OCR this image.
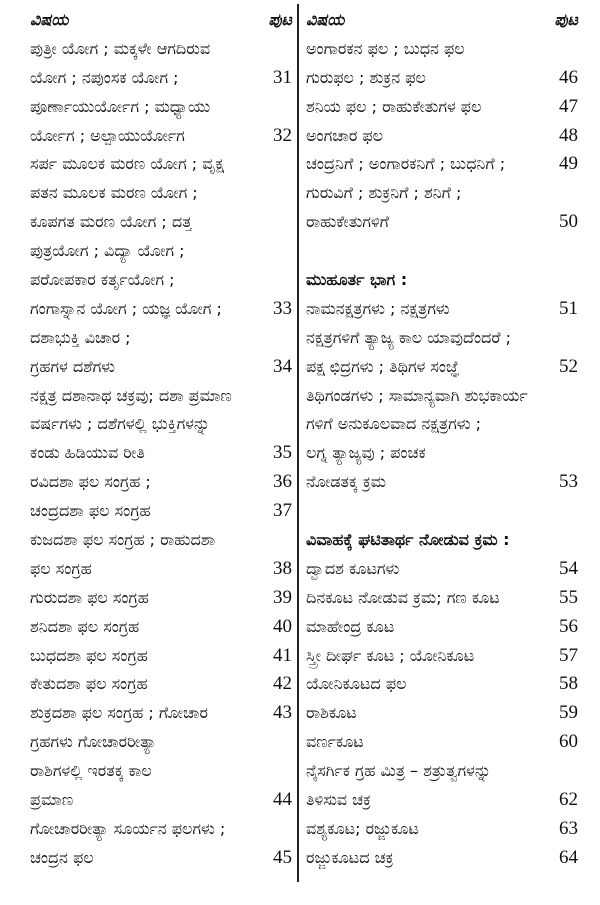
ವಿಷಯ	ಪುಟ
ಪುತ್ರೀ ಯೋಗ ; ಮಕ್ಕಳೇ ಆಗದಿರುವ
ಯೋಗ ; ನಪುಂಸಕ ಯೋಗ ;	31
ಪೂರ್ಣಾಯುರ್ಯೋಗ ; ಮಧ್ಯಾಯು
ರ್ಯೋಗ ; ಅಲ್ಪಾಯುರ್ಯೋಗ	32
ಸರ್ಪ ಮೂಲಕ ಮರಣ ಯೋಗ ; ವೃಕ್ಷ
ಪತನ ಮೂಲಕ ಮರಣ ಯೋಗ ;
ಕೂಪಗತ ಮರಣ ಯೋಗ ; ದತ್ತ
ಪುತ್ರಯೋಗ ; ವಿದ್ಯಾ ಯೋಗ ;
ಪರೋಪಕಾರ ಕರ್ತೃಯೋಗ ;
ಗಂಗಾಸ್ನಾನ ಯೋಗ ; ಯಜ್ಞ ಯೋಗ ;	33
ದಶಾಭುಕ್ತಿ ವಿಚಾರ ;
ಗ್ರಹಗಳ ದಶೆಗಳು	34
ನಕ್ಷತ್ರ ದಶಾನಾಥ ಚಕ್ರವು; ದಶಾ ಪ್ರಮಾಣ
ವರ್ಷಗಳು ; ದಶೆಗಳಲ್ಲಿ ಭುಕ್ತಿಗಳನ್ನು
ಕಂಡು ಹಿಡಿಯುವ ರೀತಿ	35
ರವಿದಶಾ ಫಲ ಸಂಗ್ರಹ ;	36
ಚಂದ್ರದಶಾ ಫಲ ಸಂಗ್ರಹ	37
ಕುಜದಶಾ ಫಲ ಸಂಗ್ರಹ ; ರಾಹುದಶಾ
ಫಲ ಸಂಗ್ರಹ	38
ಗುರುದಶಾ ಫಲ ಸಂಗ್ರಹ	39
ಶನಿದಶಾ ಫಲ ಸಂಗ್ರಹ	40
ಬುಧದಶಾ ಫಲ ಸಂಗ್ರಹ	41
ಕೇತುದಶಾ ಫಲ ಸಂಗ್ರಹ	42
ಶುಕ್ರದಶಾ ಫಲ ಸಂಗ್ರಹ ; ಗೋಚಾರ	43
ಗ್ರಹಗಳು ಗೋಚಾರರೀತ್ಯಾ
ರಾಶಿಗಳಲ್ಲಿ ಇರತಕ್ಕ ಕಾಲ
ಪ್ರಮಾಣ	44
ಗೋಚಾರರೀತ್ಯಾ ಸೂರ್ಯನ ಫಲಗಳು ;
ಚಂದ್ರನ ಫಲ	45
ವಿಷಯ	ಪುಟ
ಅಂಗಾರಕನ ಫಲ ; ಬುಧನ ಫಲ
ಗುರುಫಲ ; ಶುಕ್ರನ ಫಲ	46
ಶನಿಯ ಫಲ ; ರಾಹುಕೇತುಗಳ ಫಲ	47
ಅಂಗಚಾರ ಫಲ	48
ಚಂದ್ರನಿಗೆ ; ಅಂಗಾರಕನಿಗೆ ; ಬುಧನಿಗೆ ;	49
ಗುರುವಿಗೆ ; ಶುಕ್ರನಿಗೆ ; ಶನಿಗೆ ;
ರಾಹುಕೇತುಗಳಿಗೆ	50
ಮುಹೂರ್ತ ಭಾಗ :
ನಾಮನಕ್ಷತ್ರಗಳು ; ನಕ್ಷತ್ರಗಳು	51
ನಕ್ಷತ್ರಗಳಿಗೆ ತ್ಯಾಜ್ಯ ಕಾಲ ಯಾವುದೆಂದರೆ ;
ಪಕ್ಷ ಛಿದ್ರಗಳು ; ತಿಥಿಗಳ ಸಂಜ್ಞೆ	52
ತಿಥಿಗಂಡಗಳು ; ಸಾಮಾನ್ಯವಾಗಿ ಶುಭಕಾರ್ಯ
ಗಳಿಗೆ ಅನುಕೂಲವಾದ ನಕ್ಷತ್ರಗಳು ;
ಲಗ್ನ ತ್ಯಾಜ್ಯವು ; ಪಂಚಕ
ನೋಡತಕ್ಕ ಕ್ರಮ	53
ವಿವಾಹಕ್ಕೆ ಘಟಿತಾರ್ಥ ನೋಡುವ ಕ್ರಮ :
ದ್ವಾದಶ ಕೂಟಗಳು	54
ದಿನಕೂಟ ನೋಡುವ ಕ್ರಮ; ಗಣ ಕೂಟ	55
ಮಾಹೇಂದ್ರ ಕೂಟ	56
ಸ್ತ್ರೀ ದೀರ್ಘ ಕೂಟ ; ಯೋನಿಕೂಟ	57
ಯೋನಿಕೂಟದ ಫಲ	58
ರಾಶಿಕೂಟ	59
ವರ್ಣಕೂಟ	60
ನೈಸರ್ಗಿಕ ಗ್ರಹ ಮಿತ್ರ – ಶತ್ರುತ್ವಗಳನ್ನು
ತಿಳಿಸುವ ಚಕ್ರ	62
ವಶ್ಯಕೂಟ; ರಜ್ಜುಕೂಟ	63
ರಜ್ಜುಕೂಟದ ಚಕ್ರ	64
